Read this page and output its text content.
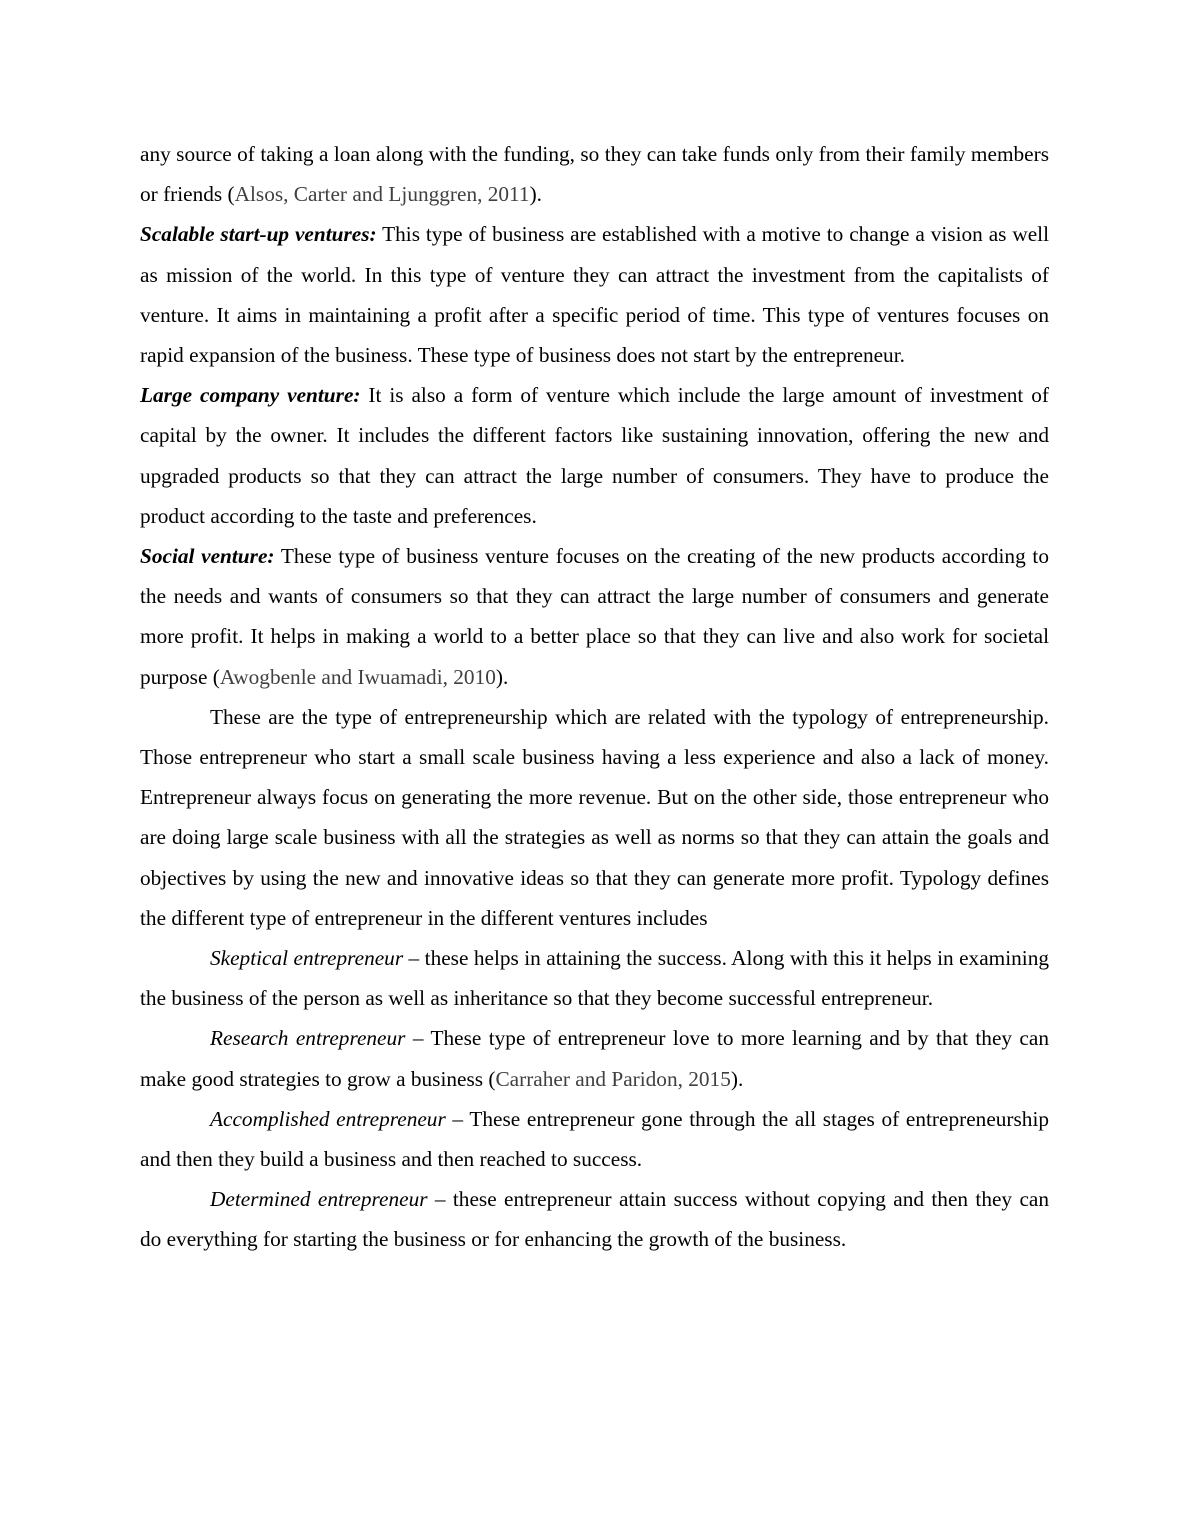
any source of taking a loan along with the funding, so they can take funds only from their family members or friends (Alsos, Carter and Ljunggren, 2011).

Scalable start-up ventures: This type of business are established with a motive to change a vision as well as mission of the world. In this type of venture they can attract the investment from the capitalists of venture. It aims in maintaining a profit after a specific period of time. This type of ventures focuses on rapid expansion of the business. These type of business does not start by the entrepreneur.

Large company venture: It is also a form of venture which include the large amount of investment of capital by the owner. It includes the different factors like sustaining innovation, offering the new and upgraded products so that they can attract the large number of consumers. They have to produce the product according to the taste and preferences.

Social venture: These type of business venture focuses on the creating of the new products according to the needs and wants of consumers so that they can attract the large number of consumers and generate more profit. It helps in making a world to a better place so that they can live and also work for societal purpose (Awogbenle and Iwuamadi, 2010).

These are the type of entrepreneurship which are related with the typology of entrepreneurship. Those entrepreneur who start a small scale business having a less experience and also a lack of money. Entrepreneur always focus on generating the more revenue. But on the other side, those entrepreneur who are doing large scale business with all the strategies as well as norms so that they can attain the goals and objectives by using the new and innovative ideas so that they can generate more profit. Typology defines the different type of entrepreneur in the different ventures includes

Skeptical entrepreneur – these helps in attaining the success. Along with this it helps in examining the business of the person as well as inheritance so that they become successful entrepreneur.

Research entrepreneur – These type of entrepreneur love to more learning and by that they can make good strategies to grow a business (Carraher and Paridon, 2015).

Accomplished entrepreneur – These entrepreneur gone through the all stages of entrepreneurship and then they build a business and then reached to success.

Determined entrepreneur – these entrepreneur attain success without copying and then they can do everything for starting the business or for enhancing the growth of the business.
